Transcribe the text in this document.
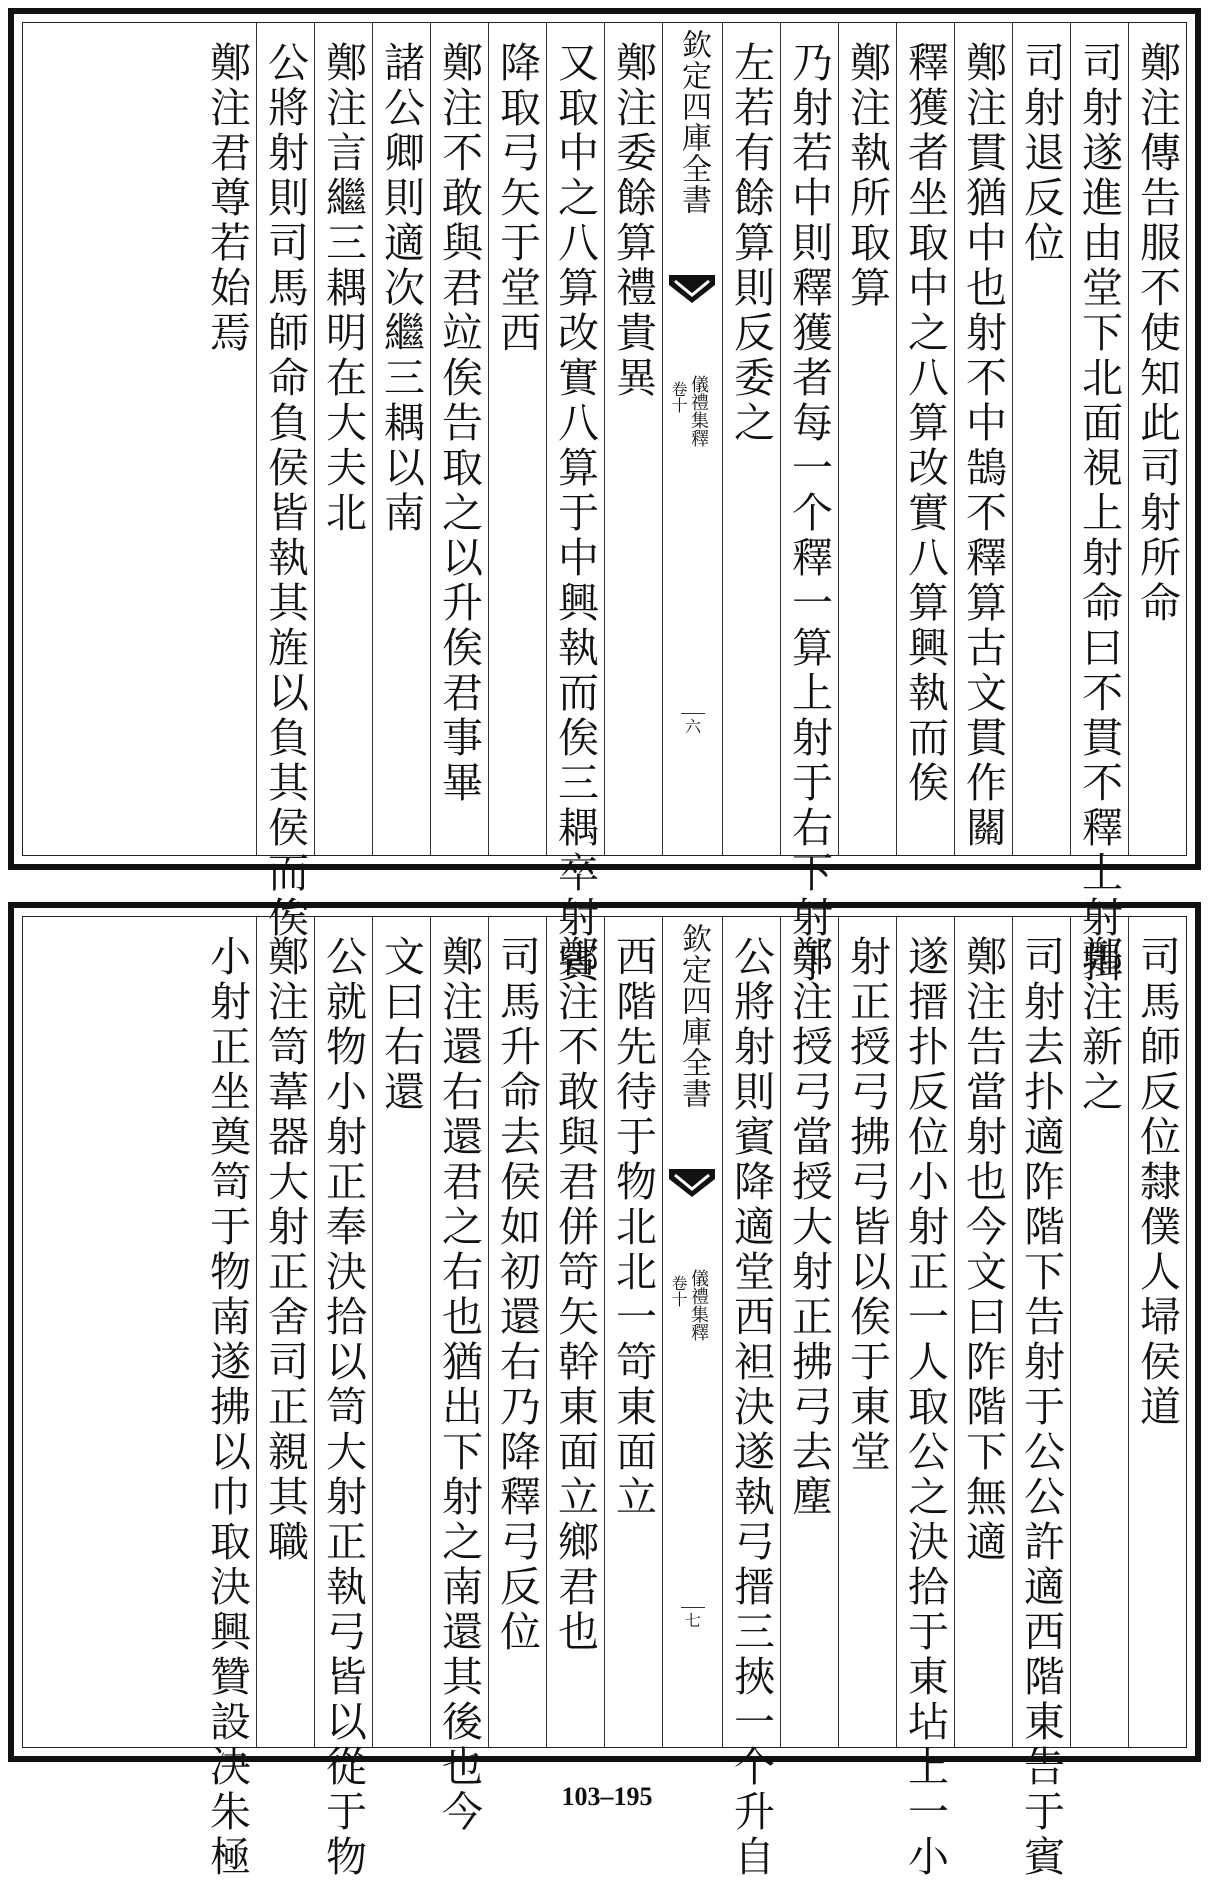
鄭注傳告服不使知此司射所命
司射遂進由堂下北面視上射命曰不貫不釋上射揖
司射退反位
鄭注貫猶中也射不中鵠不釋算古文貫作關
釋獲者坐取中之八算改實八算興執而俟
鄭注執所取算
乃射若中則釋獲者每一个釋一算上射于右下射于
左若有餘算則反委之
欽定四庫全書
儀禮集釋
卷十
六
鄭注委餘算禮貴異
又取中之八算改實八算于中興執而俟三耦卒射賓
降取弓矢于堂西
鄭注不敢與君竝俟告取之以升俟君事畢
諸公卿則適次繼三耦以南
鄭注言繼三耦明在大夫北
公將射則司馬師命負侯皆執其旌以負其侯而俟
鄭注君尊若始焉
司馬師反位隸僕人埽侯道
鄭注新之
司射去扑適阼階下告射于公公許適西階東告于賓
鄭注告當射也今文曰阼階下無適
遂搢扑反位小射正一人取公之決拾于東坫上一小
射正授弓拂弓皆以俟于東堂
鄭注授弓當授大射正拂弓去塵
公將射則賓降適堂西袒決遂執弓搢三挾一个升自
欽定四庫全書
儀禮集釋
卷十
七
西階先待于物北北一笴東面立
鄭注不敢與君併笴矢幹東面立鄉君也
司馬升命去侯如初還右乃降釋弓反位
鄭注還右還君之右也猶出下射之南還其後也今
文曰右還
公就物小射正奉決拾以笥大射正執弓皆以從于物
鄭注笥葦器大射正舍司正親其職
小射正坐奠笥于物南遂拂以巾取決興贊設決朱極	103–195
